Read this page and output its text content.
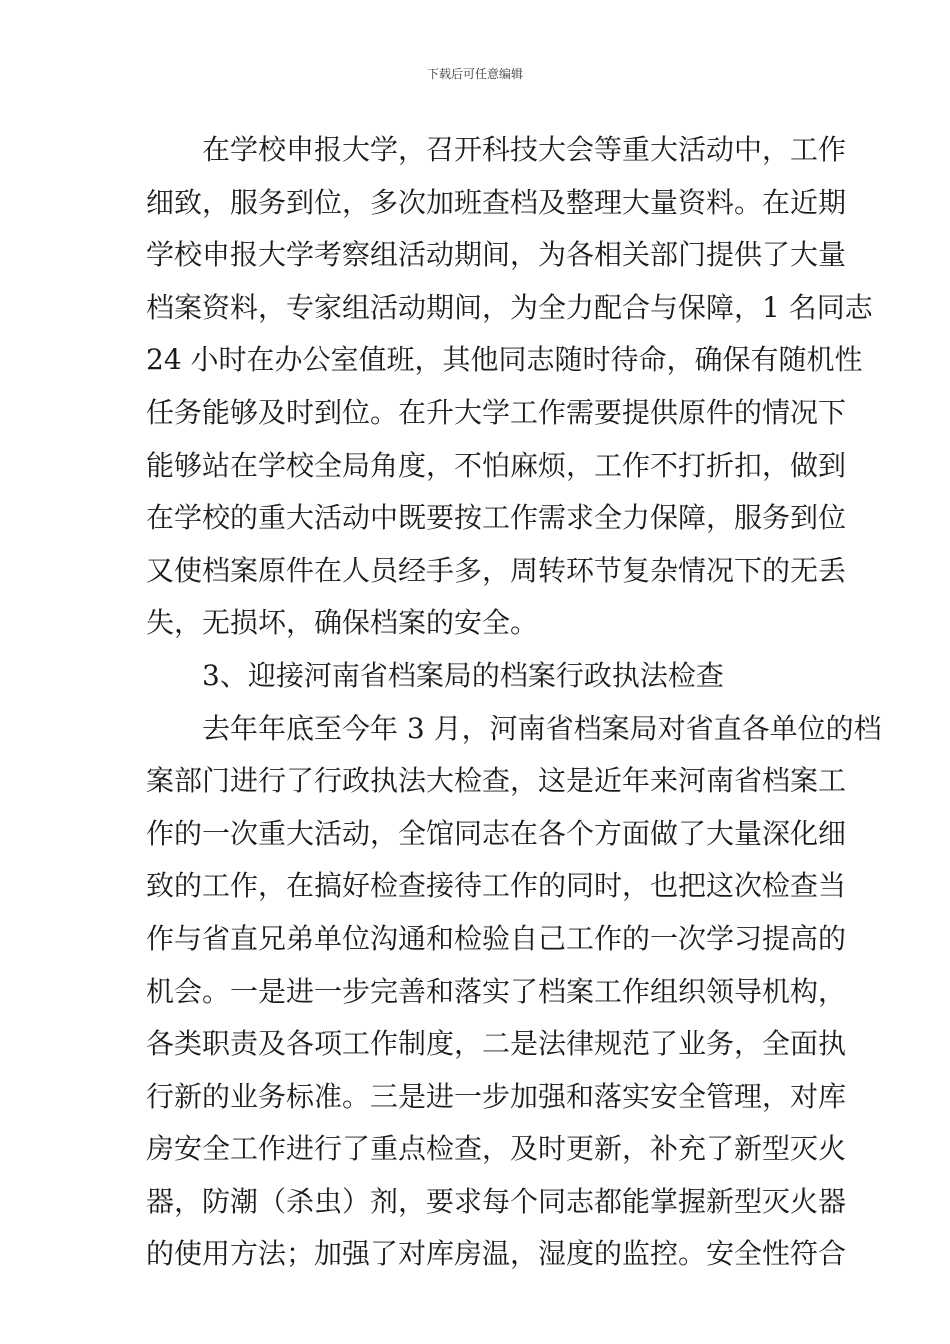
下载后可任意编辑
在学校申报大学，召开科技大会等重大活动中，工作
细致，服务到位，多次加班查档及整理大量资料。在近期
学校申报大学考察组活动期间，为各相关部门提供了大量
档案资料，专家组活动期间，为全力配合与保障，1 名同志
24 小时在办公室值班，其他同志随时待命，确保有随机性
任务能够及时到位。在升大学工作需要提供原件的情况下
能够站在学校全局角度，不怕麻烦，工作不打折扣，做到
在学校的重大活动中既要按工作需求全力保障，服务到位
又使档案原件在人员经手多，周转环节复杂情况下的无丢
失，无损坏，确保档案的安全。
3、迎接河南省档案局的档案行政执法检查
去年年底至今年 3 月，河南省档案局对省直各单位的档
案部门进行了行政执法大检查，这是近年来河南省档案工
作的一次重大活动，全馆同志在各个方面做了大量深化细
致的工作，在搞好检查接待工作的同时，也把这次检查当
作与省直兄弟单位沟通和检验自己工作的一次学习提高的
机会。一是进一步完善和落实了档案工作组织领导机构，
各类职责及各项工作制度，二是法律规范了业务，全面执
行新的业务标准。三是进一步加强和落实安全管理，对库
房安全工作进行了重点检查，及时更新，补充了新型灭火
器，防潮（杀虫）剂，要求每个同志都能掌握新型灭火器
的使用方法；加强了对库房温，湿度的监控。安全性符合
